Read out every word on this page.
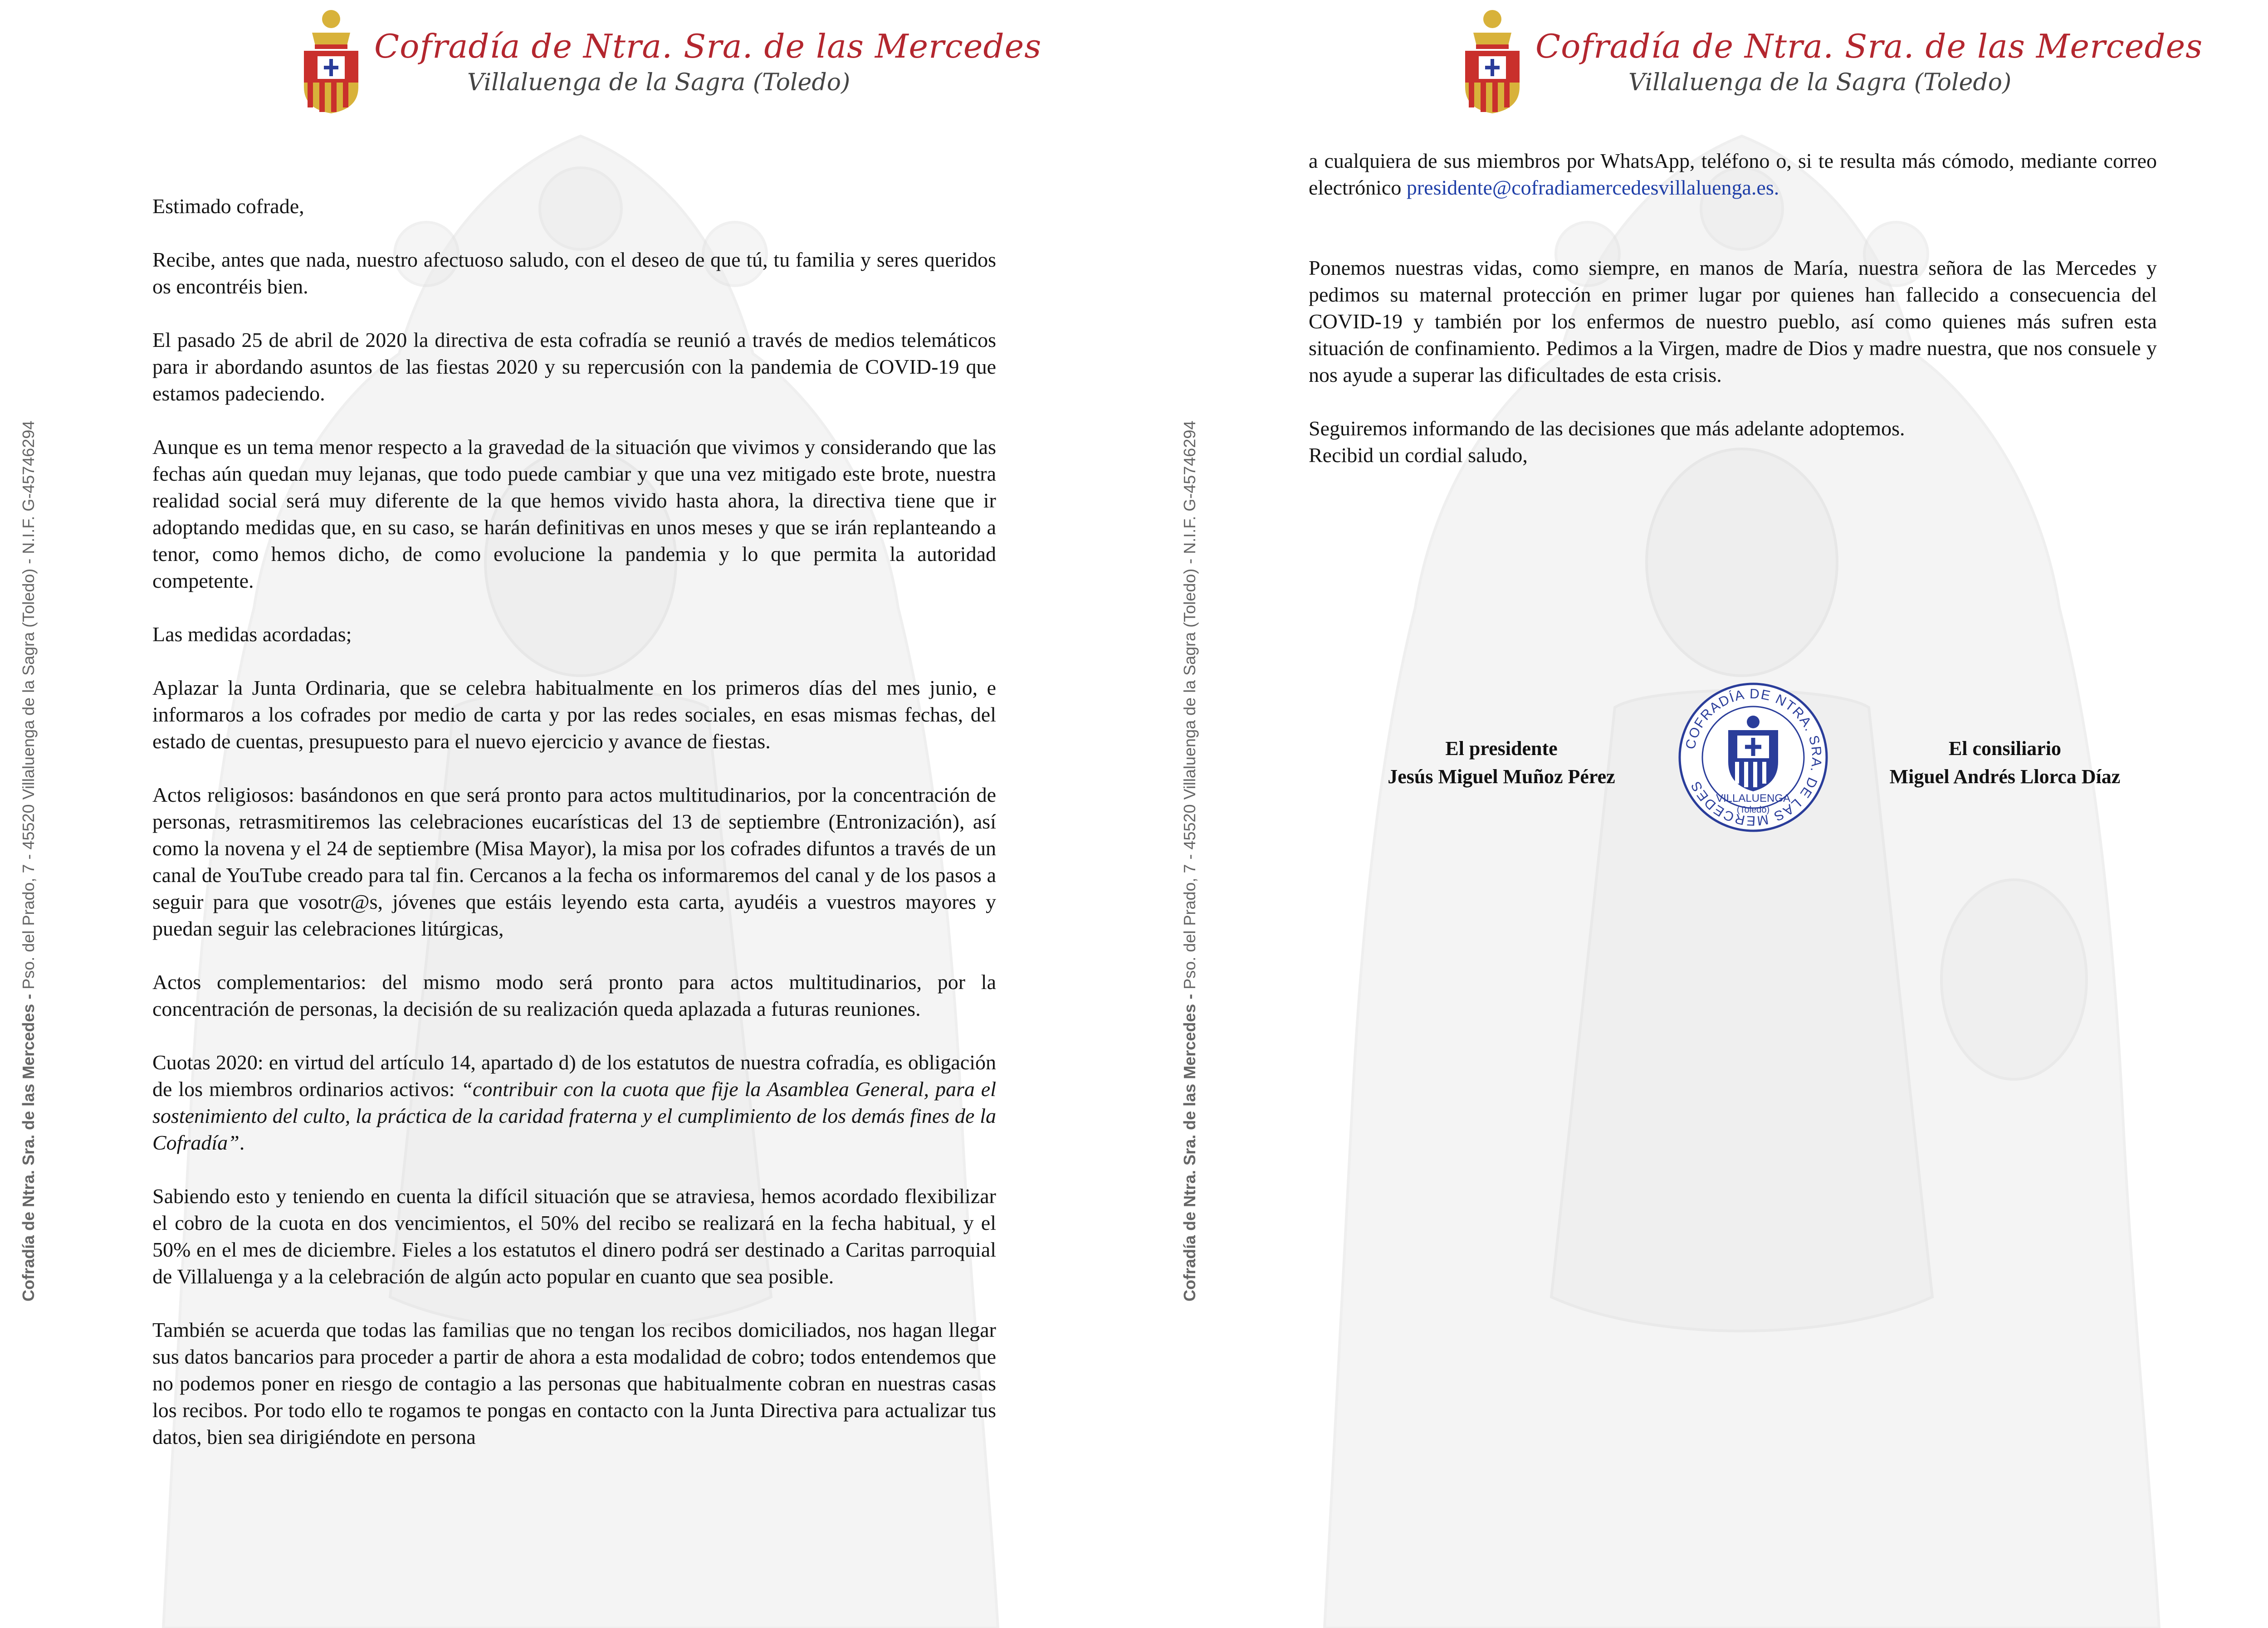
Cofradía de Ntra. Sra. de las Mercedes
Villaluenga de la Sagra (Toledo)
Cofradía de Ntra. Sra. de las Mercedes - Pso. del Prado, 7 - 45520 Villaluenga de la Sagra (Toledo) - N.I.F. G-45746294

Estimado cofrade,

Recibe, antes que nada, nuestro afectuoso saludo, con el deseo de que tú, tu familia y seres queridos os encontréis bien.

El pasado 25 de abril de 2020 la directiva de esta cofradía se reunió a través de medios telemáticos para ir abordando asuntos de las fiestas 2020 y su repercusión con la pandemia de COVID-19 que estamos padeciendo.

Aunque es un tema menor respecto a la gravedad de la situación que vivimos y considerando que las fechas aún quedan muy lejanas, que todo puede cambiar y que una vez mitigado este brote, nuestra realidad social será muy diferente de la que hemos vivido hasta ahora, la directiva tiene que ir adoptando medidas que, en su caso, se harán definitivas en unos meses y que se irán replanteando a tenor, como hemos dicho, de como evolucione la pandemia y lo que permita la autoridad competente.

Las medidas acordadas;

Aplazar la Junta Ordinaria, que se celebra habitualmente en los primeros días del mes junio, e informaros a los cofrades por medio de carta y por las redes sociales, en esas mismas fechas, del estado de cuentas, presupuesto para el nuevo ejercicio y avance de fiestas.

Actos religiosos: basándonos en que será pronto para actos multitudinarios, por la concentración de personas, retrasmitiremos las celebraciones eucarísticas del 13 de septiembre (Entronización), así como la novena y el 24 de septiembre (Misa Mayor), la misa por los cofrades difuntos a través de un canal de YouTube creado para tal fin. Cercanos a la fecha os informaremos del canal y de los pasos a seguir para que vosotr@s, jóvenes que estáis leyendo esta carta, ayudéis a vuestros mayores y puedan seguir las celebraciones litúrgicas,

Actos complementarios: del mismo modo será pronto para actos multitudinarios, por la concentración de personas, la decisión de su realización queda aplazada a futuras reuniones.

Cuotas 2020: en virtud del artículo 14, apartado d) de los estatutos de nuestra cofradía, es obligación de los miembros ordinarios activos: “contribuir con la cuota que fije la Asamblea General, para el sostenimiento del culto, la práctica de la caridad fraterna y el cumplimiento de los demás fines de la Cofradía”.

Sabiendo esto y teniendo en cuenta la difícil situación que se atraviesa, hemos acordado flexibilizar el cobro de la cuota en dos vencimientos, el 50% del recibo se realizará en la fecha habitual, y el 50% en el mes de diciembre. Fieles a los estatutos el dinero podrá ser destinado a Caritas parroquial de Villaluenga y a la celebración de algún acto popular en cuanto que sea posible.

También se acuerda que todas las familias que no tengan los recibos domiciliados, nos hagan llegar sus datos bancarios para proceder a partir de ahora a esta modalidad de cobro; todos entendemos que no podemos poner en riesgo de contagio a las personas que habitualmente cobran en nuestras casas los recibos. Por todo ello te rogamos te pongas en contacto con la Junta Directiva para actualizar tus datos, bien sea dirigiéndote en persona

Cofradía de Ntra. Sra. de las Mercedes
Villaluenga de la Sagra (Toledo)
Cofradía de Ntra. Sra. de las Mercedes - Pso. del Prado, 7 - 45520 Villaluenga de la Sagra (Toledo) - N.I.F. G-45746294

a cualquiera de sus miembros por WhatsApp, teléfono o, si te resulta más cómodo, mediante correo electrónico presidente@cofradiamercedesvillaluenga.es.

Ponemos nuestras vidas, como siempre, en manos de María, nuestra señora de las Mercedes y pedimos su maternal protección en primer lugar por quienes han fallecido a consecuencia del COVID-19 y también por los enfermos de nuestro pueblo, así como quienes más sufren esta situación de confinamiento. Pedimos a la Virgen, madre de Dios y madre nuestra, que nos consuele y nos ayude a superar las dificultades de esta crisis.

Seguiremos informando de las decisiones que más adelante adoptemos.

Recibid un cordial saludo,

El presidente
Jesús Miguel Muñoz Pérez
COFRADÍA DE NTRA. SRA. DE LAS MERCEDES
VILLALUENGA
(Toledo)
El consiliario
Miguel Andrés Llorca Díaz
